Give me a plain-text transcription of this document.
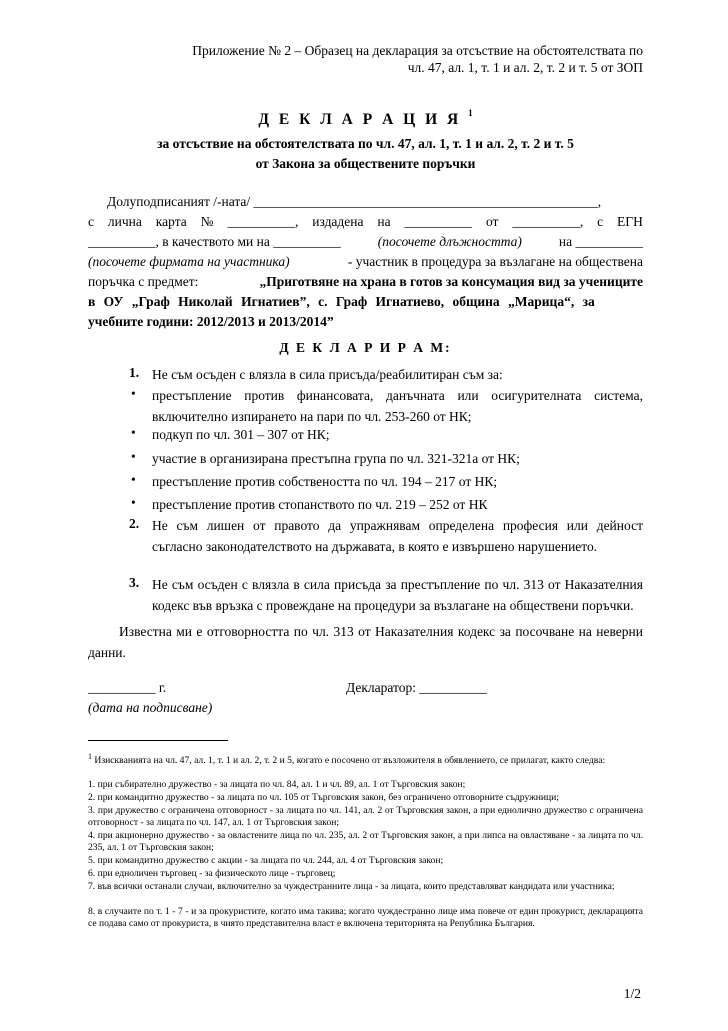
Приложение № 2 – Образец на декларация за отсъствие на обстоятелствата по
чл. 47, ал. 1, т. 1 и ал. 2, т. 2 и т. 5 от ЗОП
Д Е К Л А Р А Ц И Я $^1$
за отсъствие на обстоятелствата по чл. 47, ал. 1, т. 1 и ал. 2, т. 2 и т. 5
от Закона за обществените поръчки
Долуподписаният /-ната/ ___________________________________________________,
с лична карта № __________, издадена на __________ от __________, с ЕГН
__________, в качеството ми на __________	(посочете длъжността)	на __________
(посочете фирмата на участника)	- участник в процедура за възлагане на обществена
поръчка с предмет:	„Приготвяне на храна в готов за консумация вид за учениците
в ОУ „Граф Николай Игнатиев”, с. Граф Игнатиево, община „Марица“, за
учебните години: 2012/2013 и 2013/2014”
Д Е К Л А Р И Р А М:
1. Не съм осъден с влязла в сила присъда/реабилитиран съм за:
• престъпление против финансовата, данъчната или осигурителната система, включително изпирането на пари по чл. 253-260 от НК;
• подкуп по чл. 301 – 307 от НК;
• участие в организирана престъпна група по чл. 321-321а от НК;
• престъпление против собствеността по чл. 194 – 217 от НК;
• престъпление против стопанството по чл. 219 – 252 от НК
2. Не съм лишен от правото да упражнявам определена професия или дейност съгласно законодателството на държавата, в която е извършено нарушението.
3. Не съм осъден с влязла в сила присъда за престъпление по чл. 313 от Наказателния кодекс във връзка с провеждане на процедури за възлагане на обществени поръчки.
Известна ми е отговорността по чл. 313 от Наказателния кодекс за посочване на неверни данни.
__________ г.
(дата на подписване)
Декларатор: __________
$^1$ Изискванията на чл. 47, ал. 1, т. 1 и ал. 2, т. 2 и 5, когато е посочено от възложителя в обявлението, се прилагат, както следва:
1. при събирателно дружество - за лицата по чл. 84, ал. 1 и чл. 89, ал. 1 от Търговския закон;
2. при командитно дружество - за лицата по чл. 105 от Търговския закон, без ограничено отговорните съдружници;
3. при дружество с ограничена отговорност - за лицата по чл. 141, ал. 2 от Търговския закон, а при еднолично дружество с ограничена отговорност - за лицата по чл. 147, ал. 1 от Търговския закон;
4. при акционерно дружество - за овластените лица по чл. 235, ал. 2 от Търговския закон, а при липса на овластяване - за лицата по чл. 235, ал. 1 от Търговския закон;
5. при командитно дружество с акции - за лицата по чл. 244, ал. 4 от Търговския закон;
6. при едноличен търговец - за физическото лице - търговец;
7. във всички останали случаи, включително за чуждестранните лица - за лицата, които представляват кандидата или участника;
8. в случаите по т. 1 - 7 - и за прокуристите, когато има такива; когато чуждестранно лице има повече от един прокурист, декларацията се подава само от прокуриста, в чиято представителна власт е включена територията на Република България.
1/2
